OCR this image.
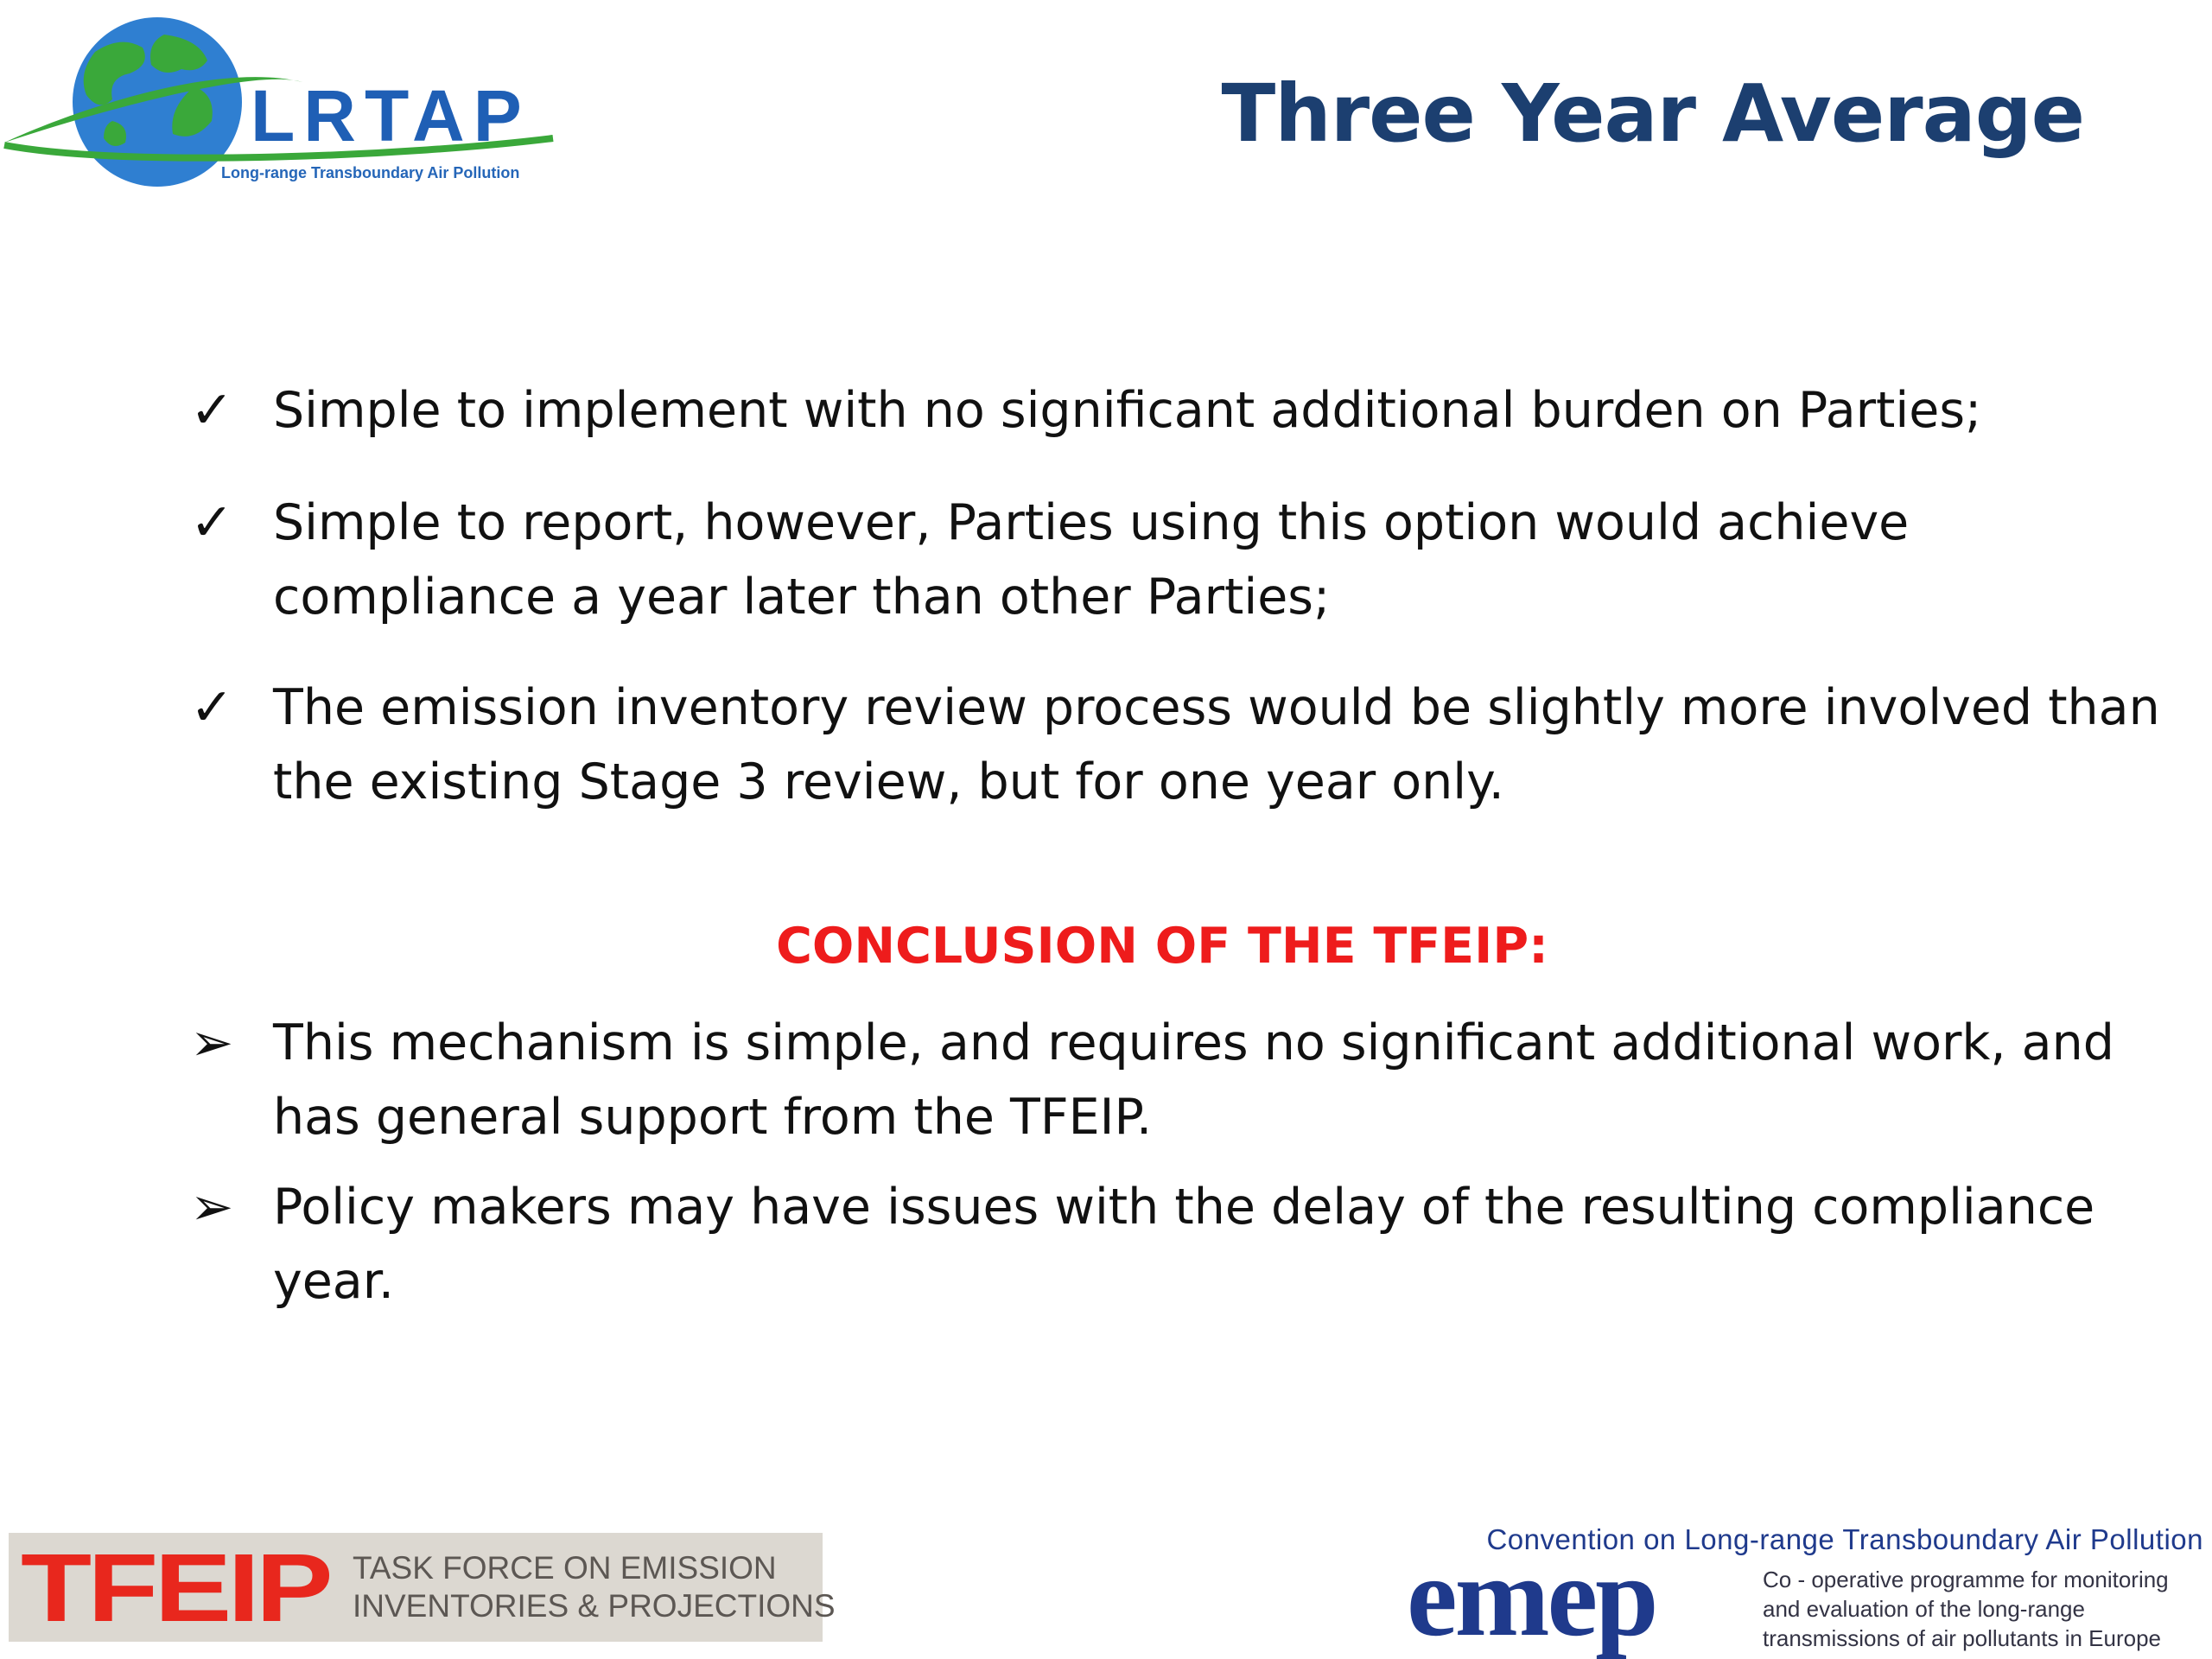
LRTAP
Long-range Transboundary Air Pollution
Three Year Average
✓ Simple to implement with no significant additional burden on Parties;
✓ Simple to report, however, Parties using this option would achieve compliance a year later than other Parties;
✓ The emission inventory review process would be slightly more involved than the existing Stage 3 review, but for one year only.
CONCLUSION OF THE TFEIP:
➢ This mechanism is simple, and requires no significant additional work, and has general support from the TFEIP.
➢ Policy makers may have issues with the delay of the resulting compliance year.
TFEIP TASK FORCE ON EMISSION
INVENTORIES & PROJECTIONS
Convention on Long-range Transboundary Air Pollution
emep	Co - operative programme for monitoring
and evaluation of the long-range
transmissions of air pollutants in Europe
